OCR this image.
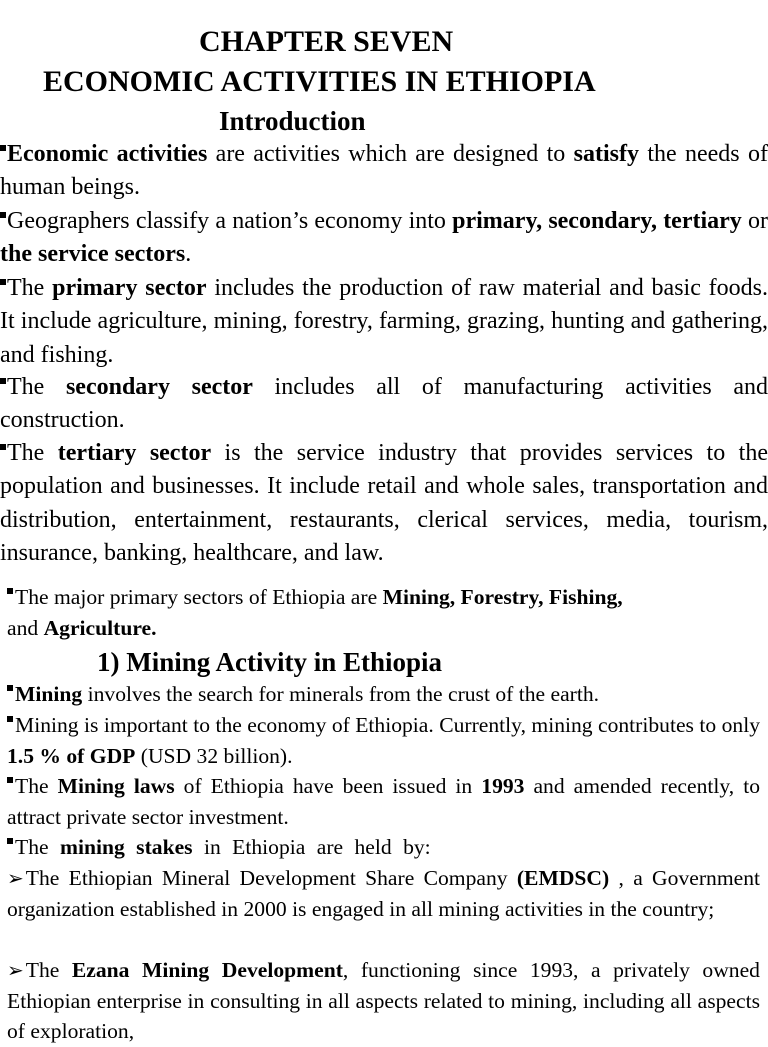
CHAPTER SEVEN
ECONOMIC ACTIVITIES IN ETHIOPIA
Introduction

Economic activities are activities which are designed to satisfy the needs of human beings.

Geographers classify a nation’s economy into primary, secondary, tertiary or the service sectors.

The primary sector includes the production of raw material and basic foods. It include agriculture, mining, forestry, farming, grazing, hunting and gathering, and fishing.

The secondary sector includes all of manufacturing activities and construction.

The tertiary sector is the service industry that provides services to the population and businesses. It include retail and whole sales, transportation and distribution, entertainment, restaurants, clerical services, media, tourism, insurance, banking, healthcare, and law.

The major primary sectors of Ethiopia are Mining, Forestry, Fishing,
and Agriculture.

1) Mining Activity in Ethiopia

Mining involves the search for minerals from the crust of the earth.

Mining is important to the economy of Ethiopia. Currently, mining contributes to only 1.5 % of GDP (USD 32 billion).

The Mining laws of Ethiopia have been issued in 1993 and amended recently, to attract private sector investment.

The mining stakes in Ethiopia are held by:

➢The Ethiopian Mineral Development Share Company (EMDSC) , a Government organization established in 2000 is engaged in all mining activities in the country;

➢The Ezana Mining Development, functioning since 1993, a privately owned Ethiopian enterprise in consulting in all aspects related to mining, including all aspects of exploration,
